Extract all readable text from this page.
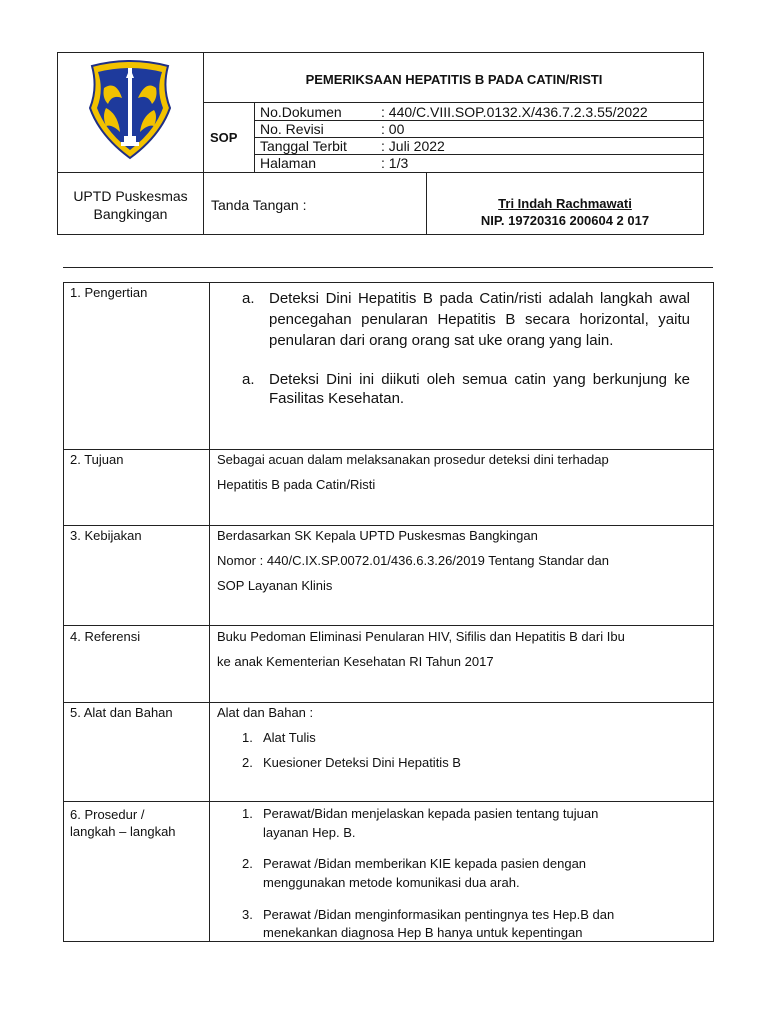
PEMERIKSAAN HEPATITIS B PADA CATIN/RISTI
SOP
No.Dokumen	: 440/C.VIII.SOP.0132.X/436.7.2.3.55/2022
No. Revisi	: 00
Tanggal Terbit : Juli 2022
Halaman	: 1/3
UPTD Puskesmas
Bangkingan
Tanda Tangan :	Tri Indah Rachmawati
NIP. 19720316 200604 2 017
1. Pengertian	a. Deteksi Dini Hepatitis B pada Catin/risti adalah langkah awal pencegahan penularan Hepatitis B secara horizontal, yaitu penularan dari orang orang sat uke orang yang lain.
a. Deteksi Dini ini diikuti oleh semua catin yang berkunjung ke Fasilitas Kesehatan.
2. Tujuan	Sebagai acuan dalam melaksanakan prosedur deteksi dini terhadap
Hepatitis B pada Catin/Risti
3. Kebijakan	Berdasarkan SK Kepala UPTD Puskesmas Bangkingan
Nomor : 440/C.IX.SP.0072.01/436.6.3.26/2019 Tentang Standar dan
SOP Layanan Klinis
4. Referensi	Buku Pedoman Eliminasi Penularan HIV, Sifilis dan Hepatitis B dari Ibu
ke anak Kementerian Kesehatan RI Tahun 2017
5. Alat dan Bahan	Alat dan Bahan :
1. Alat Tulis
2. Kuesioner Deteksi Dini Hepatitis B
6. Prosedur /
langkah – langkah
1. Perawat/Bidan menjelaskan kepada pasien tentang tujuan
layanan Hep. B.
2. Perawat /Bidan memberikan KIE kepada pasien dengan
menggunakan metode komunikasi dua arah.
3. Perawat /Bidan menginformasikan pentingnya tes Hep.B dan
menekankan diagnosa Hep B hanya untuk kepentingan
